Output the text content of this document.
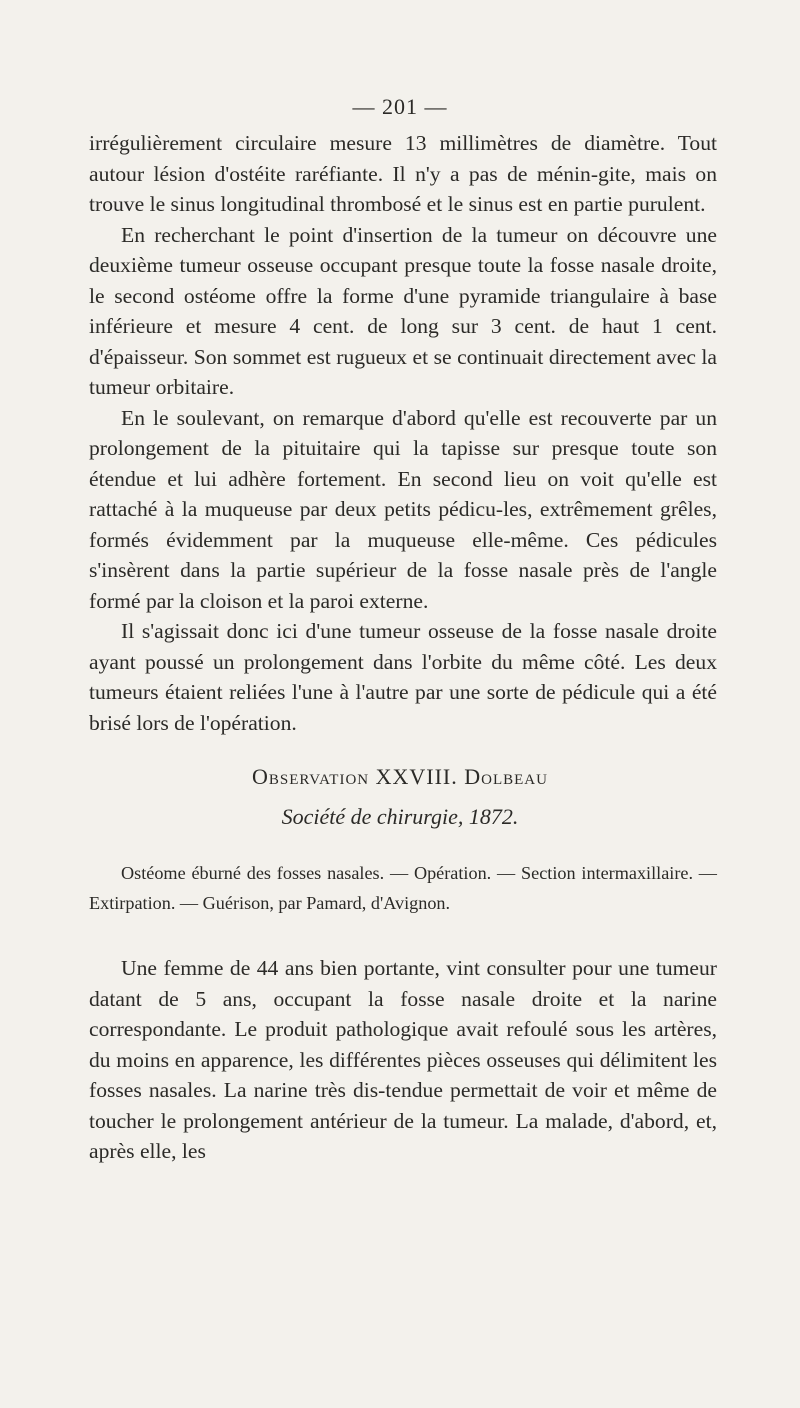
— 201 —

irrégulièrement circulaire mesure 13 millimètres de diamètre. Tout autour lésion d'ostéite raréfiante. Il n'y a pas de ménin-gite, mais on trouve le sinus longitudinal thrombosé et le sinus est en partie purulent.

En recherchant le point d'insertion de la tumeur on découvre une deuxième tumeur osseuse occupant presque toute la fosse nasale droite, le second ostéome offre la forme d'une pyramide triangulaire à base inférieure et mesure 4 cent. de long sur 3 cent. de haut 1 cent. d'épaisseur. Son sommet est rugueux et se continuait directement avec la tumeur orbitaire.

En le soulevant, on remarque d'abord qu'elle est recouverte par un prolongement de la pituitaire qui la tapisse sur presque toute son étendue et lui adhère fortement. En second lieu on voit qu'elle est rattaché à la muqueuse par deux petits pédicu-les, extrêmement grêles, formés évidemment par la muqueuse elle-même. Ces pédicules s'insèrent dans la partie supérieur de la fosse nasale près de l'angle formé par la cloison et la paroi externe.

Il s'agissait donc ici d'une tumeur osseuse de la fosse nasale droite ayant poussé un prolongement dans l'orbite du même côté. Les deux tumeurs étaient reliées l'une à l'autre par une sorte de pédicule qui a été brisé lors de l'opération.

Observation XXVIII. Dolbeau
Société de chirurgie, 1872.
Ostéome éburné des fosses nasales. — Opération. — Section intermaxillaire. — Extirpation. — Guérison, par Pamard, d'Avignon.

Une femme de 44 ans bien portante, vint consulter pour une tumeur datant de 5 ans, occupant la fosse nasale droite et la narine correspondante. Le produit pathologique avait refoulé sous les artères, du moins en apparence, les différentes pièces osseuses qui délimitent les fosses nasales. La narine très dis-tendue permettait de voir et même de toucher le prolongement antérieur de la tumeur. La malade, d'abord, et, après elle, les
